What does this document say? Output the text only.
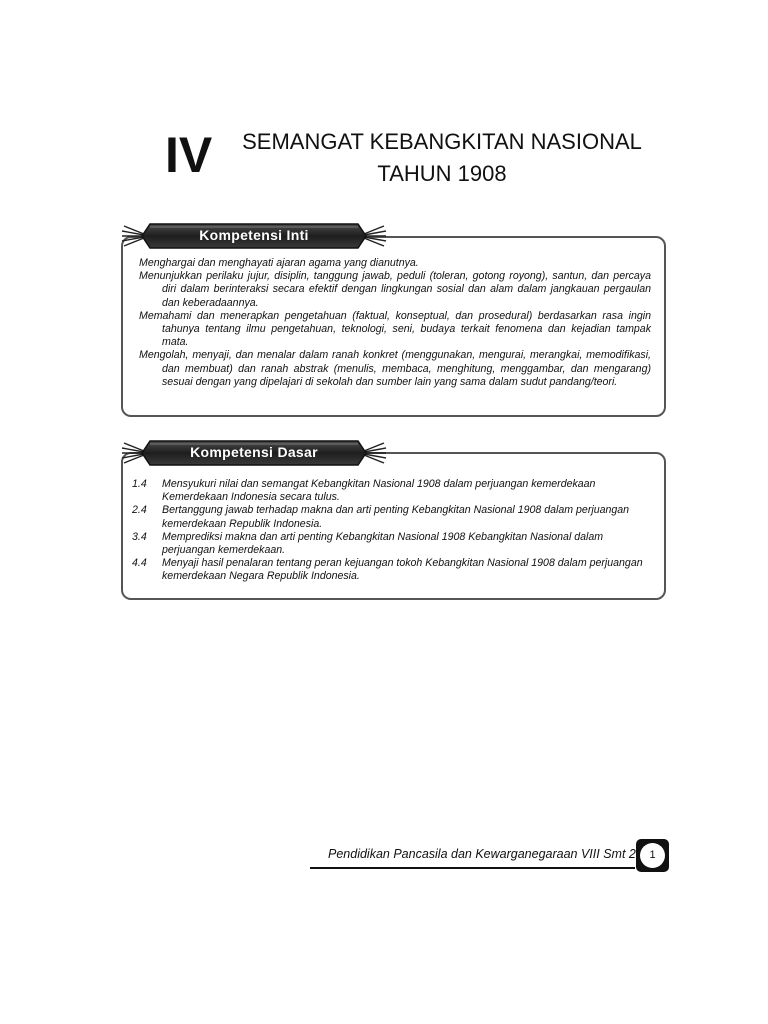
IV	SEMANGAT KEBANGKITAN NASIONAL
TAHUN 1908
Kompetensi Inti
Menghargai dan menghayati ajaran agama yang dianutnya.
Menunjukkan perilaku jujur, disiplin, tanggung jawab, peduli (toleran, gotong royong), santun, dan percaya diri dalam berinteraksi secara efektif dengan lingkungan sosial dan alam dalam jangkauan pergaulan dan keberadaannya.
Memahami dan menerapkan pengetahuan (faktual, konseptual, dan prosedural) berdasarkan rasa ingin tahunya tentang ilmu pengetahuan, teknologi, seni, budaya terkait fenomena dan kejadian tampak mata.
Mengolah, menyaji, dan menalar dalam ranah konkret (menggunakan, mengurai, merangkai, memodifikasi, dan membuat) dan ranah abstrak (menulis, membaca, menghitung, menggambar, dan mengarang) sesuai dengan yang dipelajari di sekolah dan sumber lain yang sama dalam sudut pandang/teori.
Kompetensi Dasar
1.4 Mensyukuri nilai dan semangat Kebangkitan Nasional 1908 dalam perjuangan kemerdekaan Kemerdekaan Indonesia secara tulus.
2.4 Bertanggung jawab terhadap makna dan arti penting Kebangkitan Nasional 1908 dalam perjuangan kemerdekaan Republik Indonesia.
3.4 Memprediksi makna dan arti penting Kebangkitan Nasional 1908 Kebangkitan Nasional dalam perjuangan kemerdekaan.
4.4 Menyaji hasil penalaran tentang peran kejuangan tokoh Kebangkitan Nasional 1908 dalam perjuangan kemerdekaan Negara Republik Indonesia.
Pendidikan Pancasila dan Kewarganegaraan VIII Smt 2	1
